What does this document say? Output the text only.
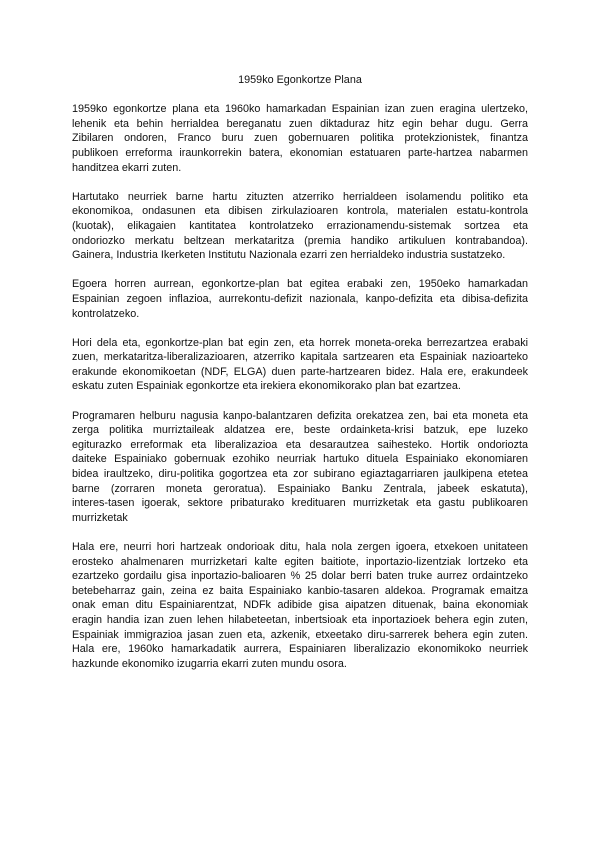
1959ko Egonkortze Plana
1959ko egonkortze plana eta 1960ko hamarkadan Espainian izan zuen eragina ulertzeko,
lehenik eta behin herrialdea bereganatu zuen diktaduraz hitz egin behar dugu. Gerra
Zibilaren ondoren, Franco buru zuen gobernuaren politika protekzionistek, finantza
publikoen erreforma iraunkorrekin batera, ekonomian estatuaren parte-hartzea nabarmen
handitzea ekarri zuten.
Hartutako neurriek barne hartu zituzten atzerriko herrialdeen isolamendu politiko eta
ekonomikoa, ondasunen eta dibisen zirkulazioaren kontrola, materialen estatu-kontrola
(kuotak), elikagaien kantitatea kontrolatzeko errazionamendu-sistemak sortzea eta
ondoriozko merkatu beltzean merkataritza (premia handiko artikuluen kontrabandoa).
Gainera, Industria Ikerketen Institutu Nazionala ezarri zen herrialdeko industria sustatzeko.
Egoera horren aurrean, egonkortze-plan bat egitea erabaki zen, 1950eko hamarkadan
Espainian zegoen inflazioa, aurrekontu-defizit nazionala, kanpo-defizita eta dibisa-defizita
kontrolatzeko.
Hori dela eta, egonkortze-plan bat egin zen, eta horrek moneta-oreka berrezartzea erabaki
zuen, merkataritza-liberalizazioaren, atzerriko kapitala sartzearen eta Espainiak nazioarteko
erakunde ekonomikoetan (NDF, ELGA) duen parte-hartzearen bidez. Hala ere, erakundeek
eskatu zuten Espainiak egonkortze eta irekiera ekonomikorako plan bat ezartzea.
Programaren helburu nagusia kanpo-balantzaren defizita orekatzea zen, bai eta moneta eta
zerga politika murriztaileak aldatzea ere, beste ordainketa-krisi batzuk, epe luzeko
egiturazko erreformak eta liberalizazioa eta desarautzea saihesteko. Hortik ondoriozta
daiteke Espainiako gobernuak ezohiko neurriak hartuko dituela Espainiako ekonomiaren
bidea iraultzeko, diru-politika gogortzea eta zor subirano egiaztagarriaren jaulkipena etetea
barne (zorraren moneta geroratua). Espainiako Banku Zentrala, jabeek eskatuta),
interes-tasen igoerak, sektore pribaturako kredituaren murrizketak eta gastu publikoaren
murrizketak
Hala ere, neurri hori hartzeak ondorioak ditu, hala nola zergen igoera, etxekoen unitateen
erosteko ahalmenaren murrizketari kalte egiten baitiote, inportazio-lizentziak lortzeko eta
ezartzeko gordailu gisa inportazio-balioaren % 25 dolar berri baten truke aurrez ordaintzeko
betebeharraz gain, zeina ez baita Espainiako kanbio-tasaren aldekoa. Programak emaitza
onak eman ditu Espainiarentzat, NDFk adibide gisa aipatzen dituenak, baina ekonomiak
eragin handia izan zuen lehen hilabeteetan, inbertsioak eta inportazioek behera egin zuten,
Espainiak immigrazioa jasan zuen eta, azkenik, etxeetako diru-sarrerek behera egin zuten.
Hala ere, 1960ko hamarkadatik aurrera, Espainiaren liberalizazio ekonomikoko neurriek
hazkunde ekonomiko izugarria ekarri zuten mundu osora.
